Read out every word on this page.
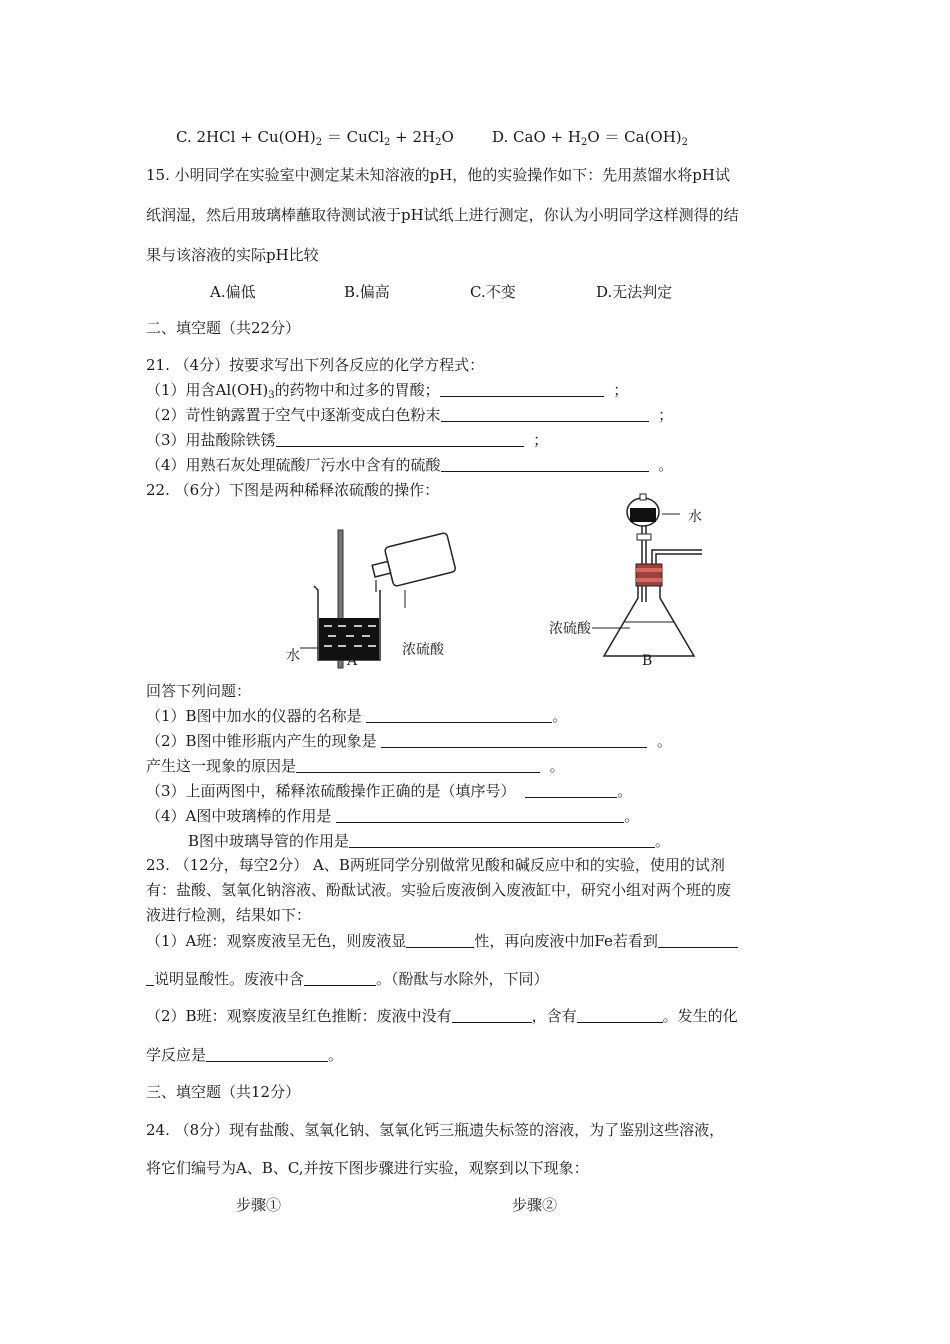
C. $2HCl + Cu(OH)_2$ ＝ CuCl$_2$ + $2H_2O$	D. CaO + $H_2O = Ca(OH)_2$
15. 小明同学在实验室中测定某未知溶液的pH，他的实验操作如下：先用蒸馏水将pH试
纸润湿，然后用玻璃棒蘸取待测试液于pH试纸上进行测定，你认为小明同学这样测得的结
果与该溶液的实际pH比较
A.偏低	B.偏高	C.不变	D.无法判定
二、填空题（共22分）
21. （4分）按要求写出下列各反应的化学方程式：
（1）用含$Al(OH)_3$的药物中和过多的胃酸；	；
（2）苛性钠露置于空气中逐渐变成白色粉末	；
（3）用盐酸除铁锈	；
（4）用熟石灰处理硫酸厂污水中含有的硫酸	。
22. （6分）下图是两种稀释浓硫酸的操作：
水	浓硫酸
A
水
浓硫酸
B
回答下列问题：
（1）B图中加水的仪器的名称是	。
（2）B图中锥形瓶内产生的现象是	。
产生这一现象的原因是	。
（3）上面两图中，稀释浓硫酸操作正确的是（填序号）	。
（4）A图中玻璃棒的作用是	。
B图中玻璃导管的作用是	。
23. （12分，每空2分） A、B两班同学分别做常见酸和碱反应中和的实验，使用的试剂
有：盐酸、氢氧化钠溶液、酚酞试液。实验后废液倒入废液缸中，研究小组对两个班的废
液进行检测，结果如下：
（1）A班：观察废液呈无色，则废液显	性，再向废液中加Fe若看到
说明显酸性。废液中含	。（酚酞与水除外，下同）
（2）B班：观察废液呈红色推断：废液中没有	，含有	。发生的化
学反应是	。
三、填空题（共12分）
24. （8分）现有盐酸、氢氧化钠、氢氧化钙三瓶遗失标签的溶液，为了鉴别这些溶液，
将它们编号为A、B、C,并按下图步骤进行实验，观察到以下现象：
步骤①	步骤②
